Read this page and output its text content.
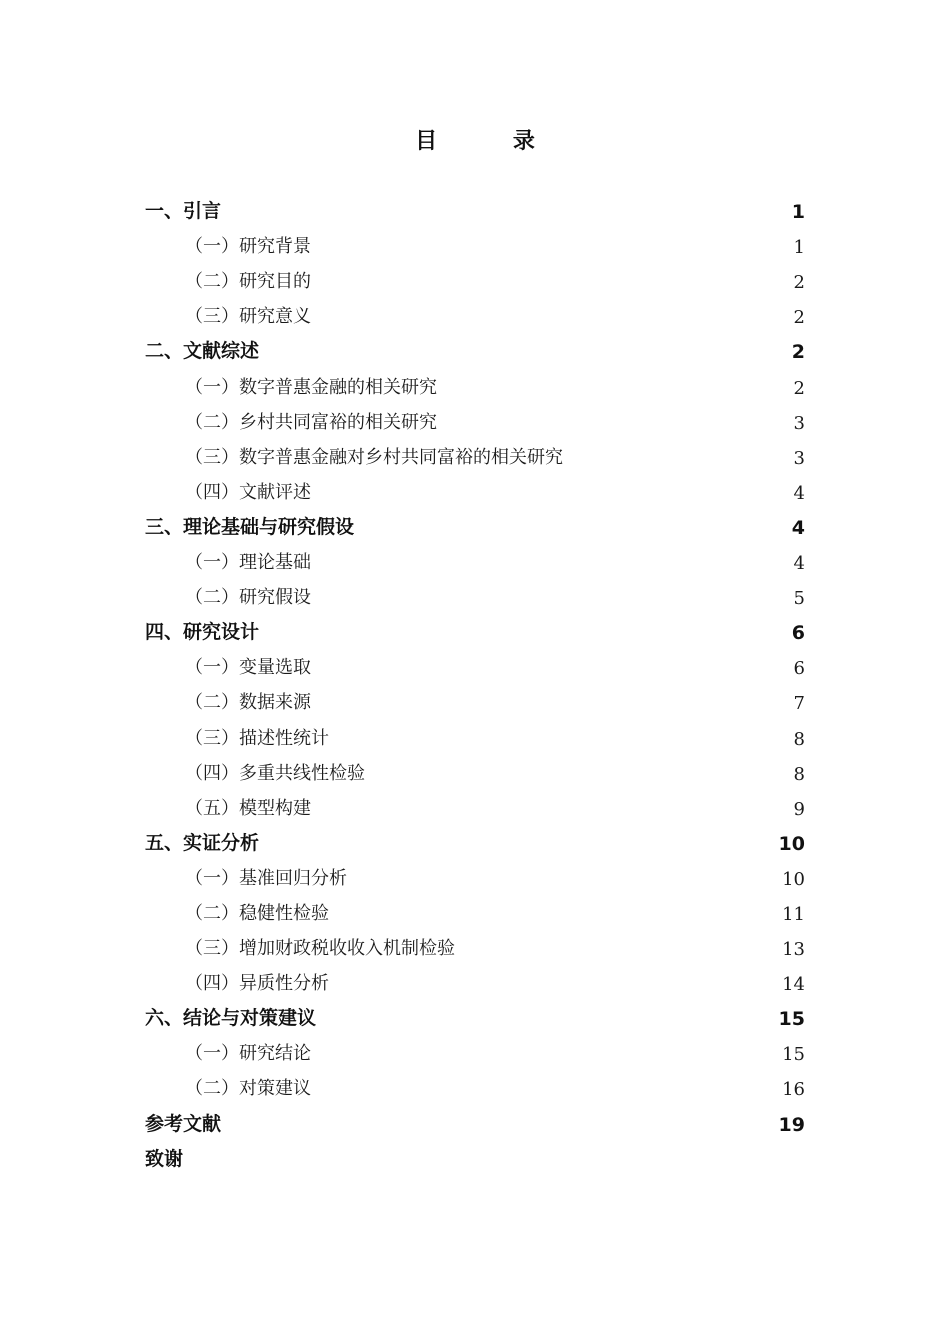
目 录
一、引言	1
（一）研究背景	1
（二）研究目的	2
（三）研究意义	2
二、文献综述	2
（一）数字普惠金融的相关研究	2
（二）乡村共同富裕的相关研究	3
（三）数字普惠金融对乡村共同富裕的相关研究	3
（四）文献评述	4
三、理论基础与研究假设	4
（一）理论基础	4
（二）研究假设	5
四、研究设计	6
（一）变量选取	6
（二）数据来源	7
（三）描述性统计	8
（四）多重共线性检验	8
（五）模型构建	9
五、实证分析	10
（一）基准回归分析	10
（二）稳健性检验	11
（三）增加财政税收收入机制检验	13
（四）异质性分析	14
六、结论与对策建议	15
（一）研究结论	15
（二）对策建议	16
参考文献	19
致谢
